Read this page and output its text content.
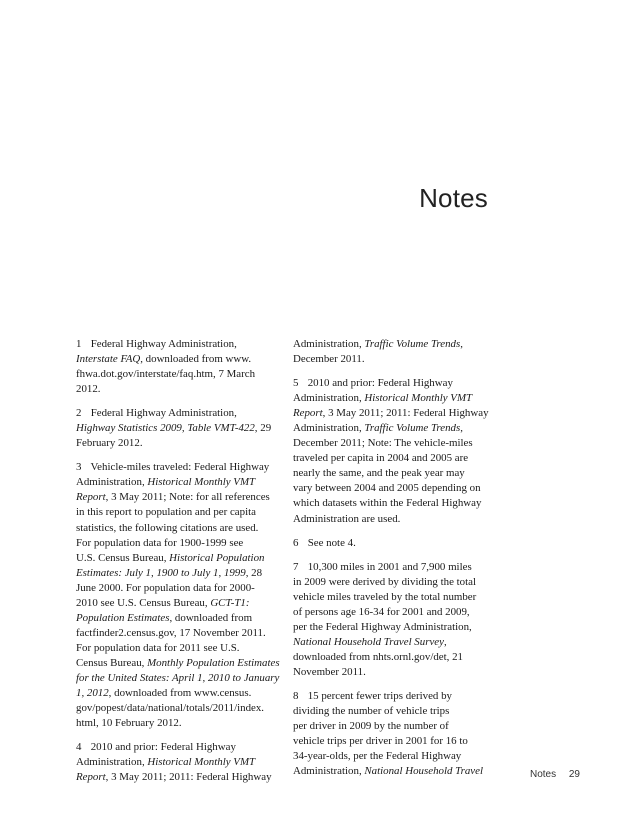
Notes

1 Federal Highway Administration,

Interstate FAQ, downloaded from www.

fhwa.dot.gov/interstate/faq.htm, 7 March

2012.

2 Federal Highway Administration,

Highway Statistics 2009, Table VMT-422, 29

February 2012.

3 Vehicle-miles traveled: Federal Highway

Administration, Historical Monthly VMT

Report, 3 May 2011; Note: for all references

in this report to population and per capita

statistics, the following citations are used.

For population data for 1900-1999 see

U.S. Census Bureau, Historical Population

Estimates: July 1, 1900 to July 1, 1999, 28

June 2000. For population data for 2000-

2010 see U.S. Census Bureau, GCT-T1:

Population Estimates, downloaded from

factfinder2.census.gov, 17 November 2011.

For population data for 2011 see U.S.

Census Bureau, Monthly Population Estimates

for the United States: April 1, 2010 to January

1, 2012, downloaded from www.census.

gov/popest/data/national/totals/2011/index.

html, 10 February 2012.

4 2010 and prior: Federal Highway

Administration, Historical Monthly VMT

Report, 3 May 2011; 2011: Federal Highway

Administration, Traffic Volume Trends,

December 2011.

5 2010 and prior: Federal Highway

Administration, Historical Monthly VMT

Report, 3 May 2011; 2011: Federal Highway

Administration, Traffic Volume Trends,

December 2011; Note: The vehicle-miles

traveled per capita in 2004 and 2005 are

nearly the same, and the peak year may

vary between 2004 and 2005 depending on

which datasets within the Federal Highway

Administration are used.

6 See note 4.

7 10,300 miles in 2001 and 7,900 miles

in 2009 were derived by dividing the total

vehicle miles traveled by the total number

of persons age 16-34 for 2001 and 2009,

per the Federal Highway Administration,

National Household Travel Survey,

downloaded from nhts.ornl.gov/det, 21

November 2011.

8 15 percent fewer trips derived by

dividing the number of vehicle trips

per driver in 2009 by the number of

vehicle trips per driver in 2001 for 16 to

34-year-olds, per the Federal Highway

Administration, National Household Travel	Notes 29
